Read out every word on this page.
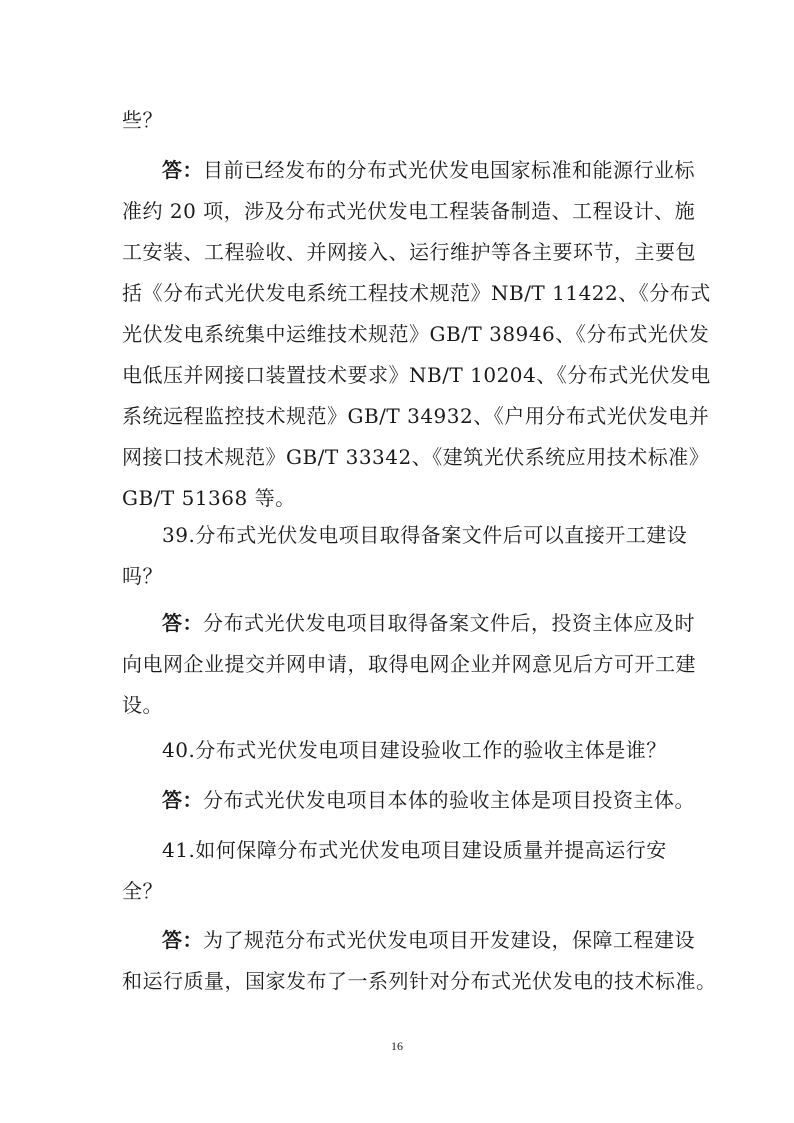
些？
答：目前已经发布的分布式光伏发电国家标准和能源行业标
准约 20 项，涉及分布式光伏发电工程装备制造、工程设计、施
工安装、工程验收、并网接入、运行维护等各主要环节，主要包
括《分布式光伏发电系统工程技术规范》NB/T 11422、《分布式
光伏发电系统集中运维技术规范》GB/T 38946、《分布式光伏发
电低压并网接口装置技术要求》NB/T 10204、《分布式光伏发电
系统远程监控技术规范》GB/T 34932、《户用分布式光伏发电并
网接口技术规范》GB/T 33342、《建筑光伏系统应用技术标准》
GB/T 51368 等。
39.分布式光伏发电项目取得备案文件后可以直接开工建设
吗？
答：分布式光伏发电项目取得备案文件后，投资主体应及时
向电网企业提交并网申请，取得电网企业并网意见后方可开工建
设。
40.分布式光伏发电项目建设验收工作的验收主体是谁？
答：分布式光伏发电项目本体的验收主体是项目投资主体。
41.如何保障分布式光伏发电项目建设质量并提高运行安
全？
答：为了规范分布式光伏发电项目开发建设，保障工程建设
和运行质量，国家发布了一系列针对分布式光伏发电的技术标准。
16
